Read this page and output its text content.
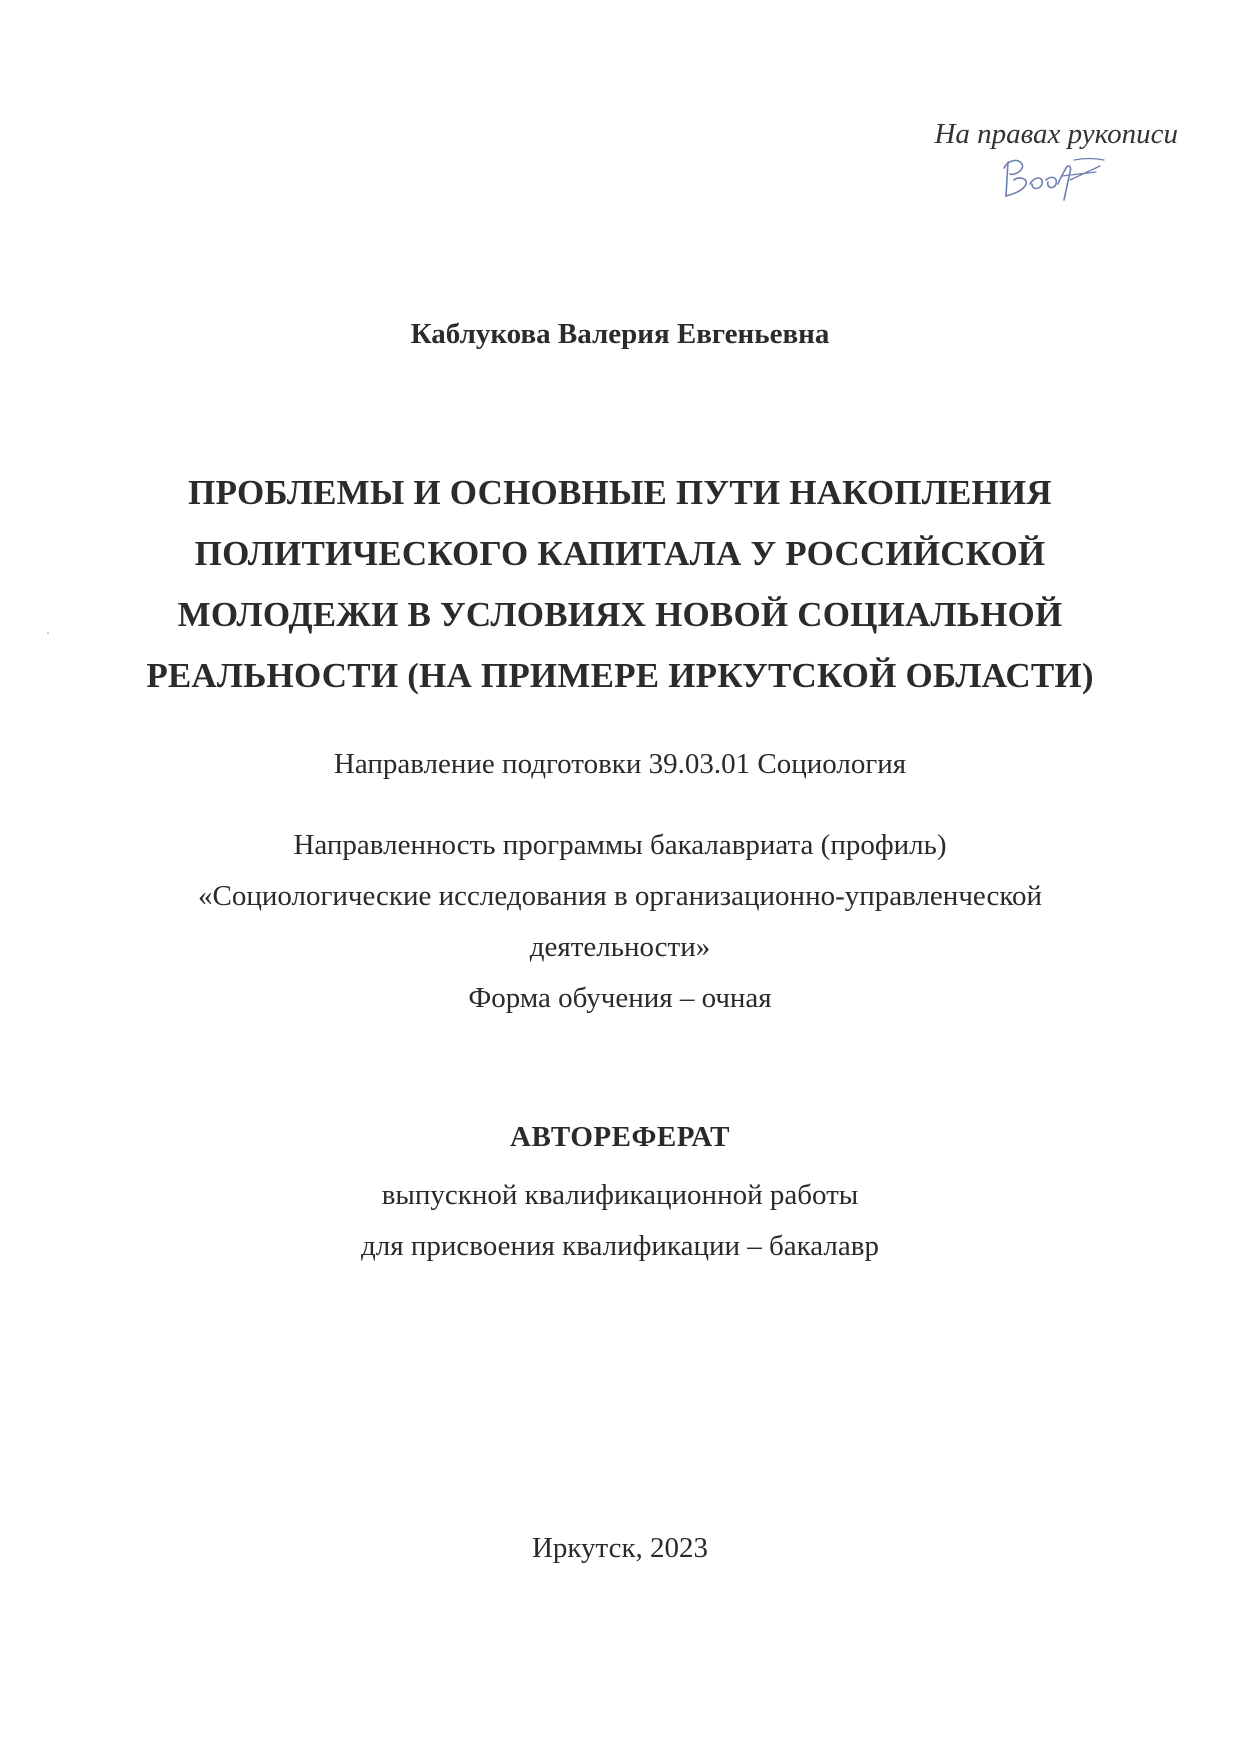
На правах рукописи
Каблукова Валерия Евгеньевна
ПРОБЛЕМЫ И ОСНОВНЫЕ ПУТИ НАКОПЛЕНИЯ
ПОЛИТИЧЕСКОГО КАПИТАЛА У РОССИЙСКОЙ
МОЛОДЕЖИ В УСЛОВИЯХ НОВОЙ СОЦИАЛЬНОЙ
РЕАЛЬНОСТИ (НА ПРИМЕРЕ ИРКУТСКОЙ ОБЛАСТИ)
Направление подготовки 39.03.01 Социология
Направленность программы бакалавриата (профиль)
«Социологические исследования в организационно-управленческой
деятельности»
Форма обучения – очная
АВТОРЕФЕРАТ
выпускной квалификационной работы
для присвоения квалификации – бакалавр
Иркутск, 2023
